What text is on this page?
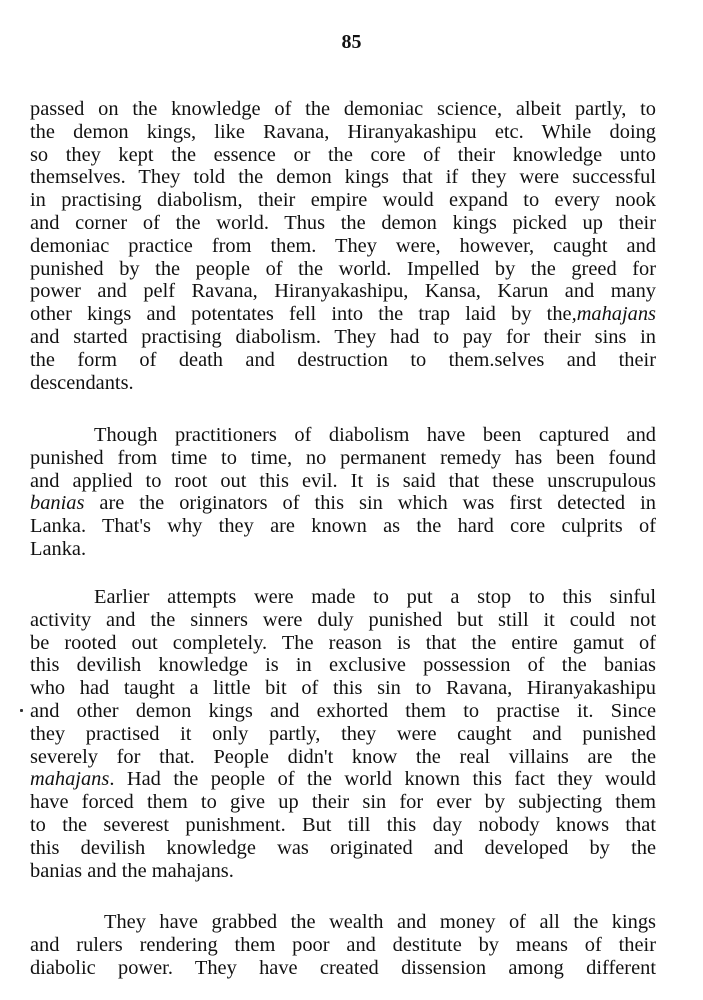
85
passed on the knowledge of the demoniac science, albeit partly, to
the demon kings, like Ravana, Hiranyakashipu etc. While doing
so they kept the essence or the core of their knowledge unto
themselves. They told the demon kings that if they were successful
in practising diabolism, their empire would expand to every nook
and corner of the world. Thus the demon kings picked up their
demoniac practice from them. They were, however, caught and
punished by the people of the world. Impelled by the greed for
power and pelf Ravana, Hiranyakashipu, Kansa, Karun and many
other kings and potentates fell into the trap laid by the,mahajans
and started practising diabolism. They had to pay for their sins in
the form of death and destruction to them.selves and their
descendants.
Though practitioners of diabolism have been captured and
punished from time to time, no permanent remedy has been found
and applied to root out this evil. It is said that these unscrupulous
banias are the originators of this sin which was first detected in
Lanka. That's why they are known as the hard core culprits of
Lanka.
Earlier attempts were made to put a stop to this sinful
activity and the sinners were duly punished but still it could not
be rooted out completely. The reason is that the entire gamut of
this devilish knowledge is in exclusive possession of the banias
who had taught a little bit of this sin to Ravana, Hiranyakashipu
and other demon kings and exhorted them to practise it. Since
they practised it only partly, they were caught and punished
severely for that. People didn't know the real villains are the
mahajans. Had the people of the world known this fact they would
have forced them to give up their sin for ever by subjecting them
to the severest punishment. But till this day nobody knows that
this devilish knowledge was originated and developed by the
banias and the mahajans.
They have grabbed the wealth and money of all the kings
and rulers rendering them poor and destitute by means of their
diabolic power. They have created dissension among different
